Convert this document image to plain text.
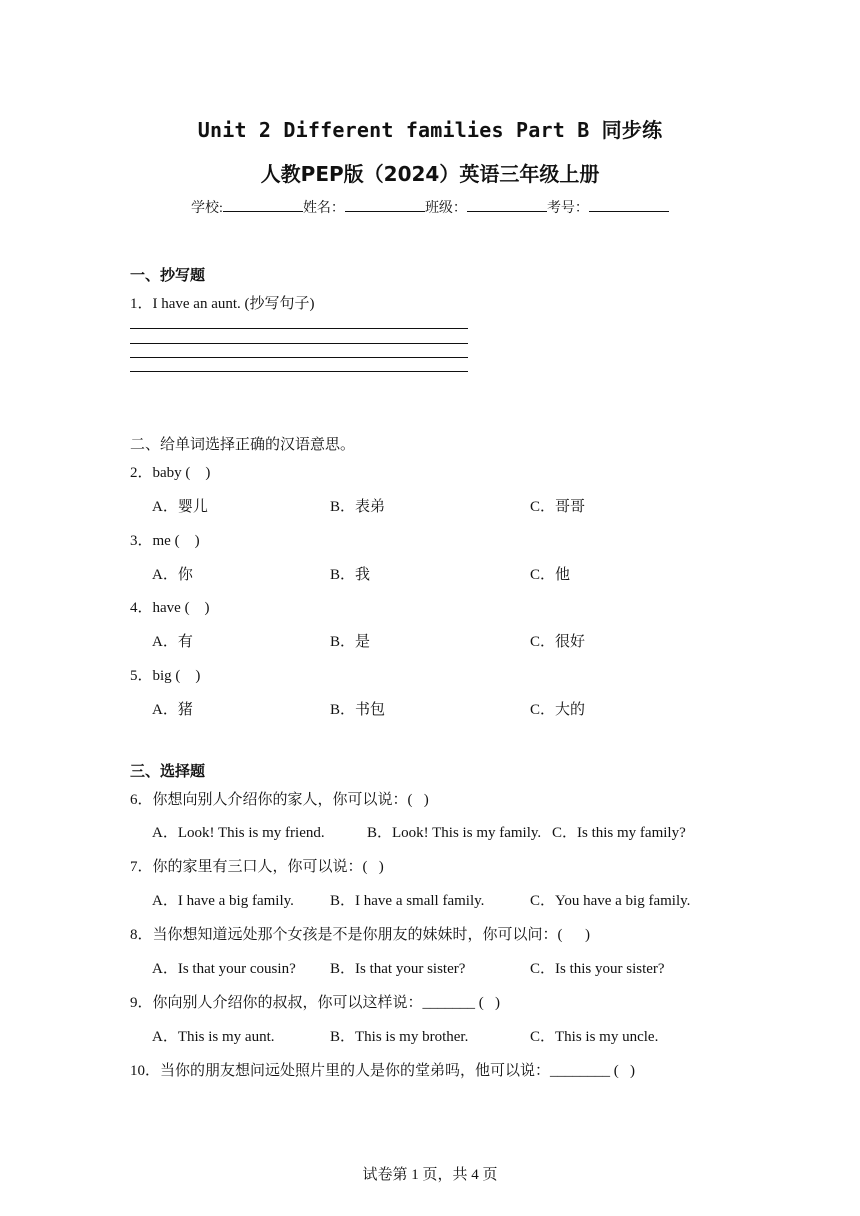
Unit 2 Different families Part B 同步练
人教PEP版（2024）英语三年级上册
学校:	姓名：	班级：	考号：
一、抄写题
1．I have an aunt. (抄写句子)
二、给单词选择正确的汉语意思。
2．baby (    )
A．婴儿	B．表弟	C．哥哥
3．me (    )
A．你	B．我	C．他
4．have (    )
A．有	B．是	C．很好
5．big (    )
A．猪	B．书包	C．大的
三、选择题
6．你想向别人介绍你的家人，你可以说：(   )
A．Look! This is my friend.	B．Look! This is my family. C．Is this my family?
7．你的家里有三口人，你可以说：(   )
A．I have a big family. B．I have a small family.	C．You have a big family.
8．当你想知道远处那个女孩是不是你朋友的妹妹时，你可以问：(      )
A．Is that your cousin? B．Is that your sister?	C．Is this your sister?
9．你向别人介绍你的叔叔，你可以这样说：_______ (   )
A．This is my aunt.	B．This is my brother.	C．This is my uncle.
10．当你的朋友想问远处照片里的人是你的堂弟吗，他可以说：________ (   )
试卷第 1 页，共 4 页
